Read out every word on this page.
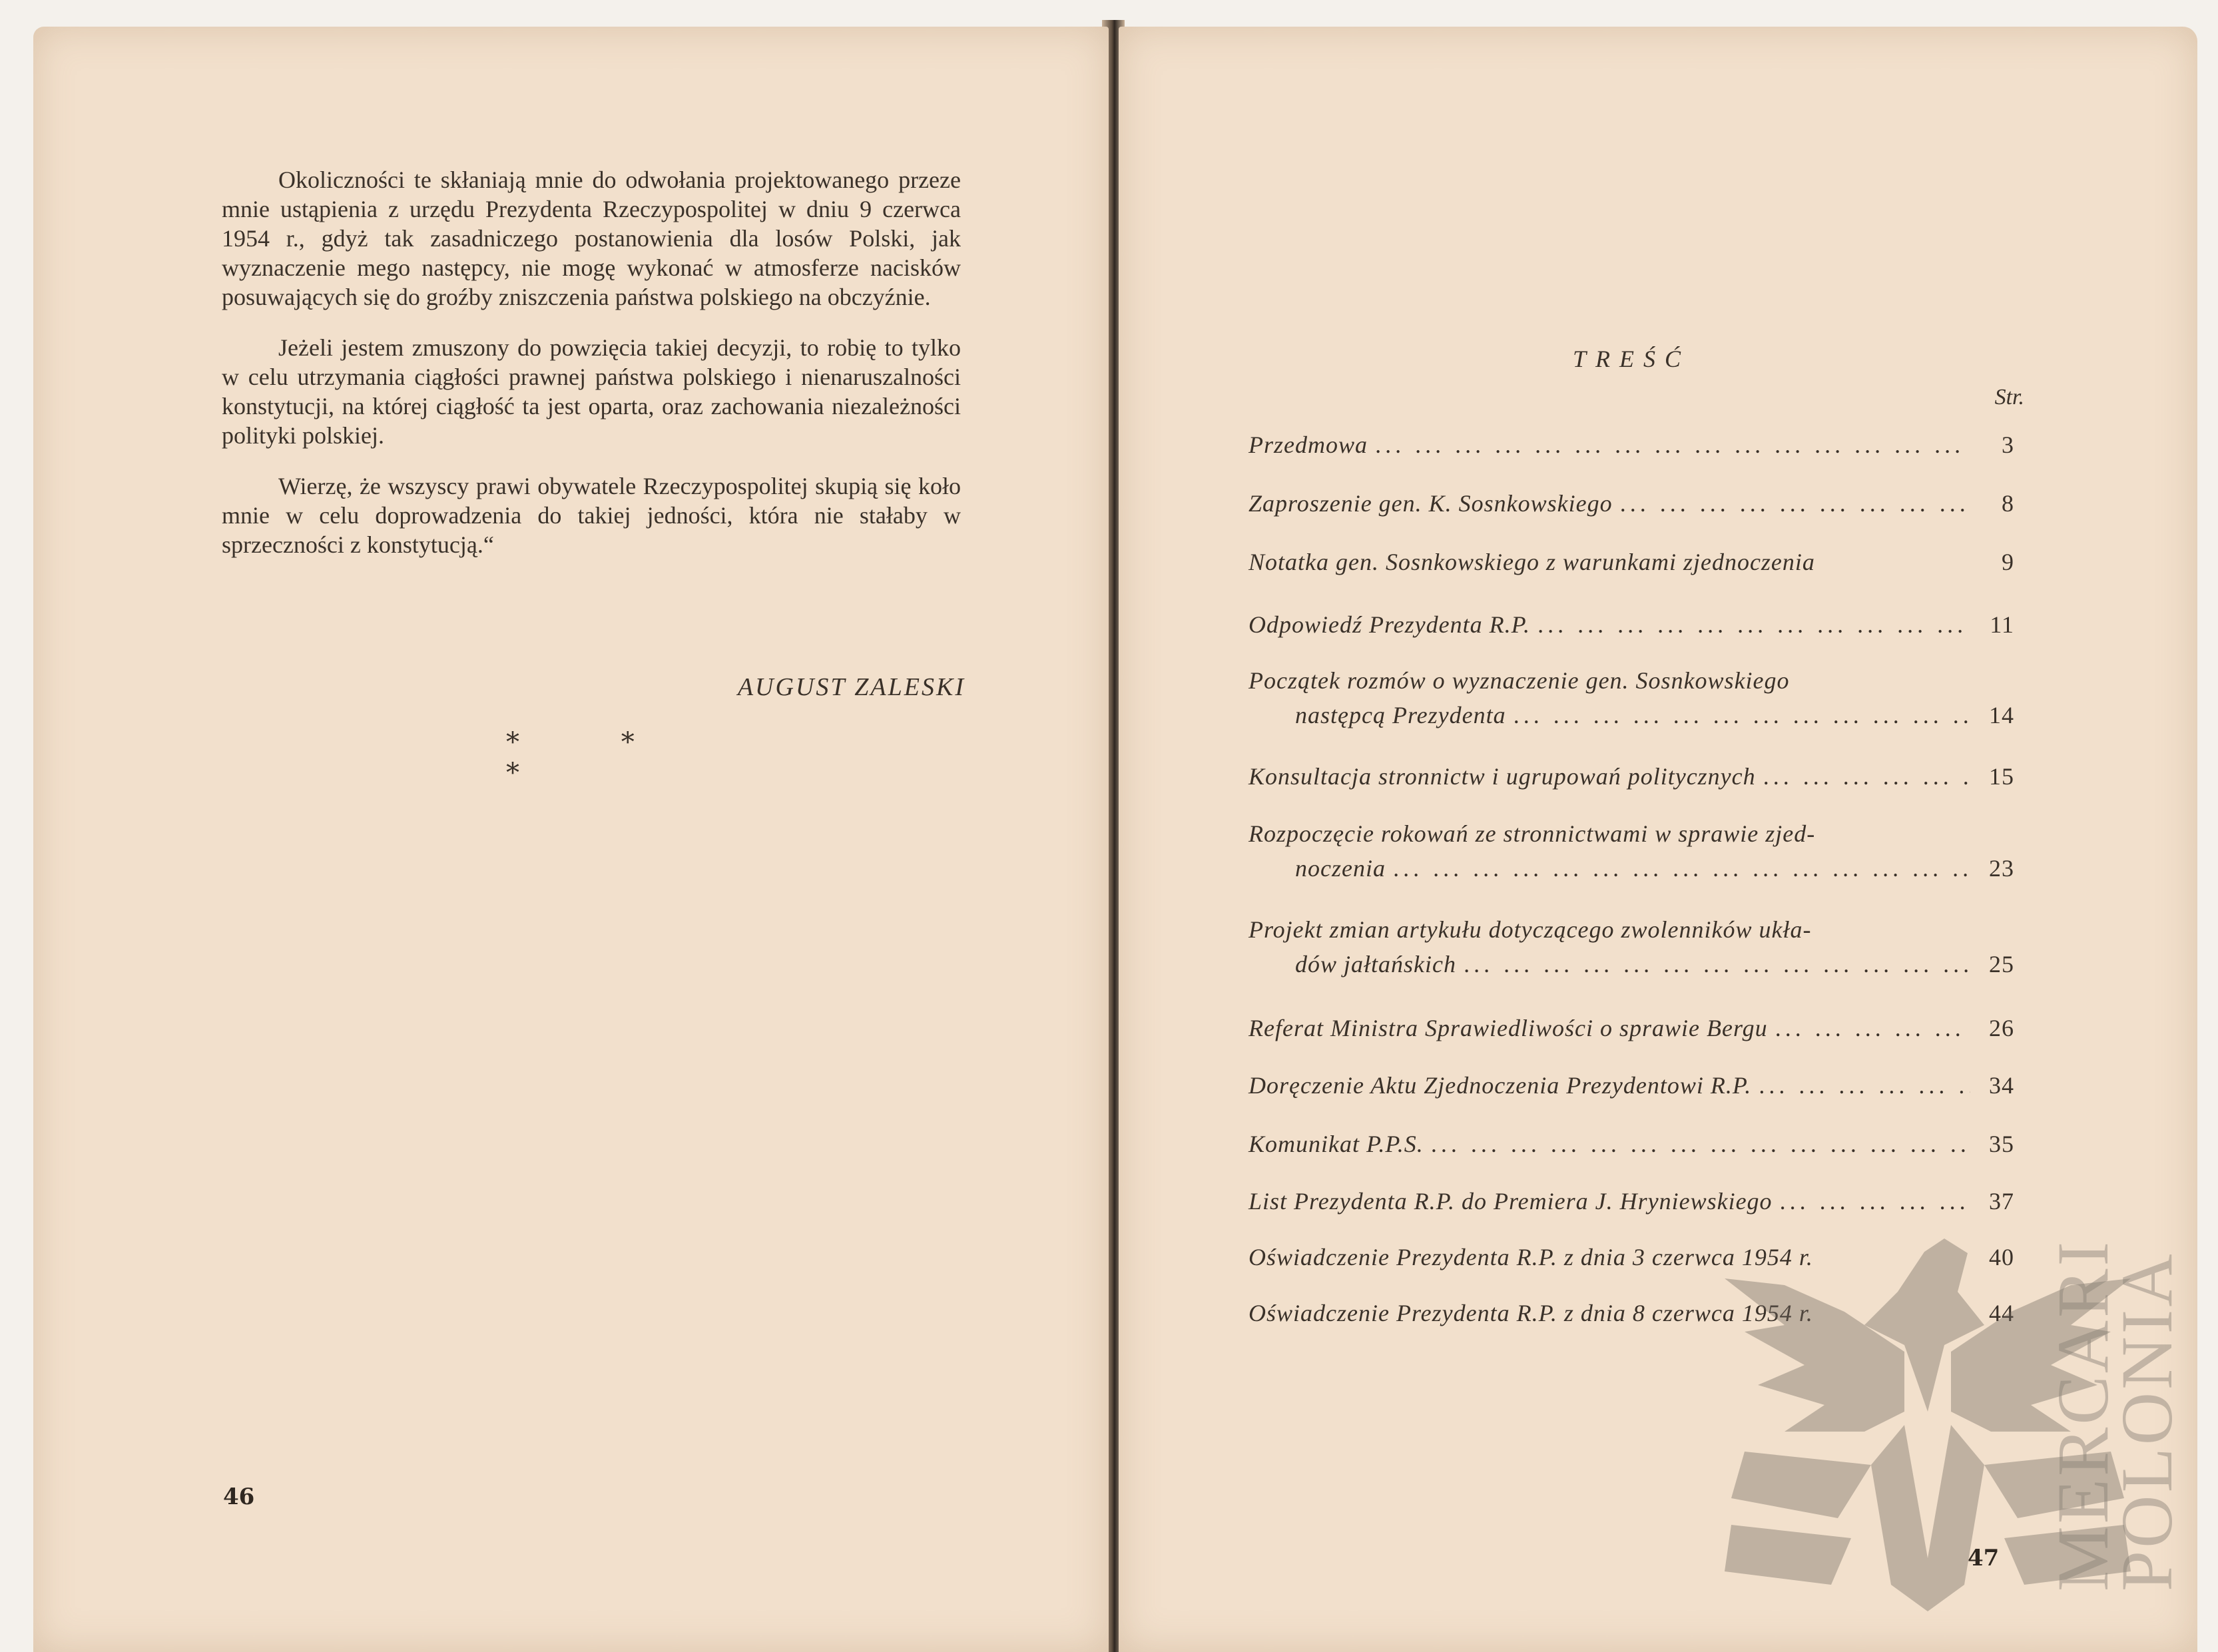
Okoliczności te skłaniają mnie do odwołania projektowanego przeze mnie ustąpienia z urzędu Prezydenta Rzeczypospolitej w dniu 9 czerwca 1954 r., gdyż tak zasadniczego postanowienia dla losów Polski, jak wyznaczenie mego następcy, nie mogę wykonać w atmosferze nacisków posuwających się do groźby zniszczenia państwa polskiego na obczyźnie.

Jeżeli jestem zmuszony do powzięcia takiej decyzji, to robię to tylko w celu utrzymania ciągłości prawnej państwa polskiego i nienaruszalności konstytucji, na której ciągłość ta jest oparta, oraz zachowania niezależności polityki polskiej.

Wierzę, że wszyscy prawi obywatele Rzeczypospolitej skupią się koło mnie w celu doprowadzenia do takiej jedności, która nie stałaby w sprzeczności z konstytucją.“

AUGUST ZALESKI
* * *
46
TREŚĆ
Str.
Przedmowa ... .	3
Zaproszenie gen. K. Sosnkowskiego ... .	8
Notatka gen. Sosnkowskiego z warunkami zjednoczenia	9
Odpowiedź Prezydenta R.P. ... .	11
Początek rozmów o wyznaczenie gen. Sosnkowskiego
następcą Prezydenta ... .	14
Konsultacja stronnictw i ugrupowań politycznych ... .	15
Rozpoczęcie rokowań ze stronnictwami w sprawie zjed-
noczenia ... .	23
Projekt zmian artykułu dotyczącego zwolenników ukła-
dów jałtańskich ... .	25
Referat Ministra Sprawiedliwości o sprawie Bergu ... .	26
Doręczenie Aktu Zjednoczenia Prezydentowi R.P. ... .	34
Komunikat P.P.S. ... .	35
List Prezydenta R.P. do Premiera J. Hryniewskiego ... .	37
Oświadczenie Prezydenta R.P. z dnia 3 czerwca 1954 r.	40
Oświadczenie Prezydenta R.P. z dnia 8 czerwca 1954 r.	44
47 MERCARI
POLONIA
